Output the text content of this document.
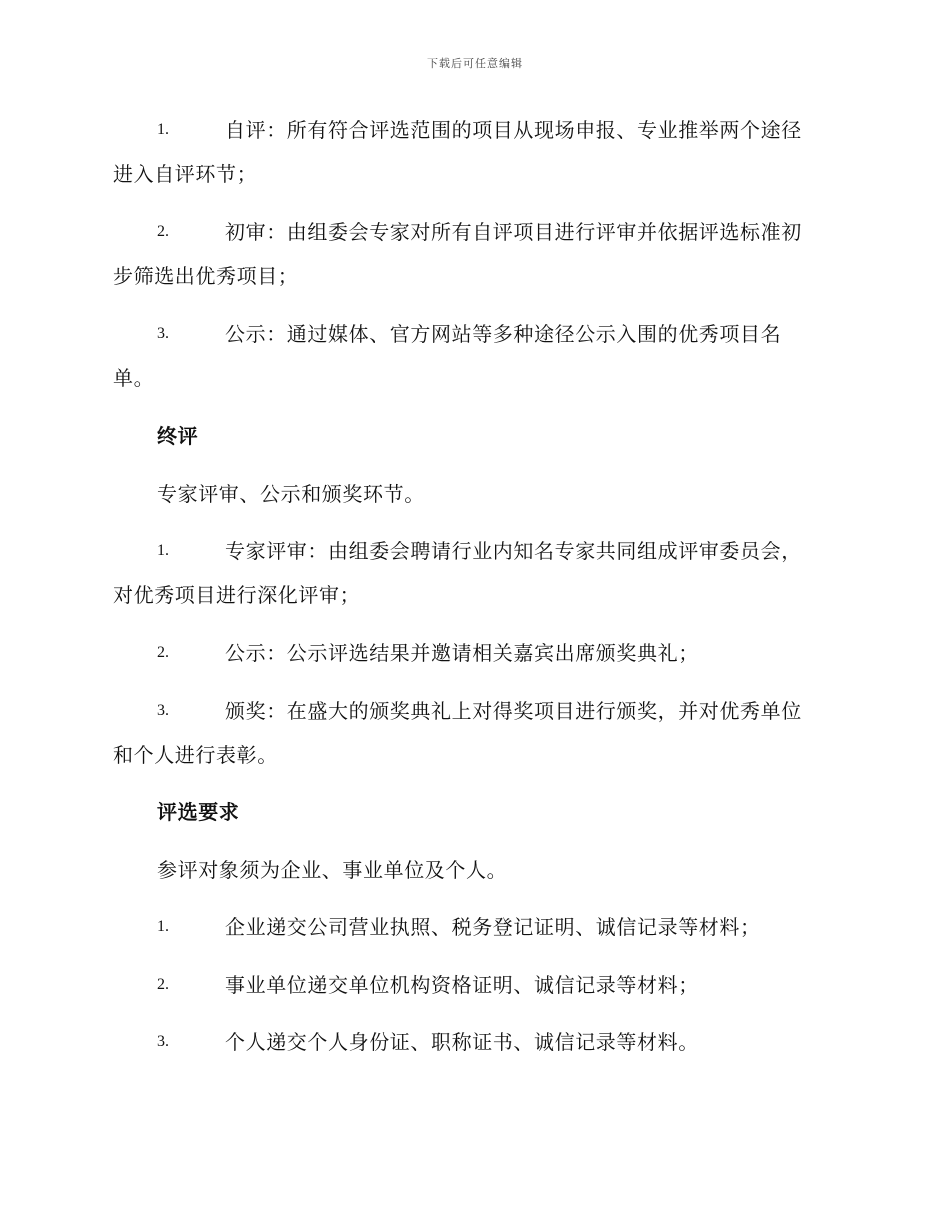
下载后可任意编辑
1.	自评：所有符合评选范围的项目从现场申报、专业推举两个途径
进入自评环节；
2.	初审：由组委会专家对所有自评项目进行评审并依据评选标准初
步筛选出优秀项目；
3.	公示：通过媒体、官方网站等多种途径公示入围的优秀项目名
单。
终评
专家评审、公示和颁奖环节。
1.	专家评审：由组委会聘请行业内知名专家共同组成评审委员会，
对优秀项目进行深化评审；
2.	公示：公示评选结果并邀请相关嘉宾出席颁奖典礼；
3.	颁奖：在盛大的颁奖典礼上对得奖项目进行颁奖，并对优秀单位
和个人进行表彰。
评选要求
参评对象须为企业、事业单位及个人。
1.	企业递交公司营业执照、税务登记证明、诚信记录等材料；
2.	事业单位递交单位机构资格证明、诚信记录等材料；
3.	个人递交个人身份证、职称证书、诚信记录等材料。
